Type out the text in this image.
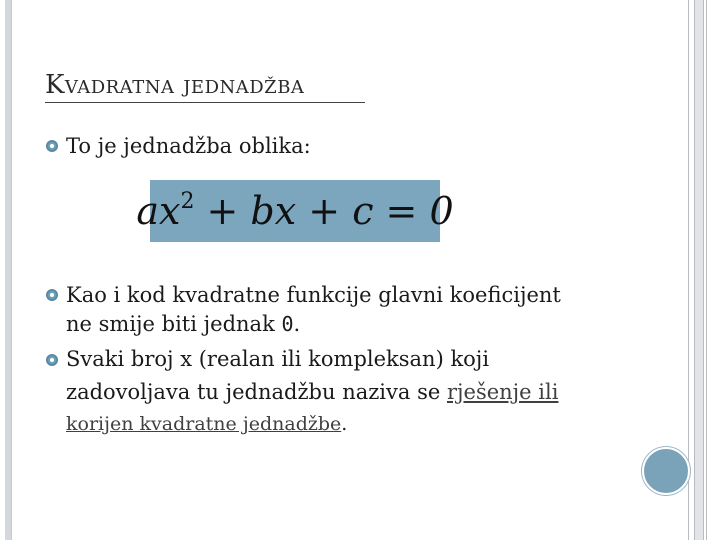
Kvadratna jednadžba
To je jednadžba oblika:
$ax^2$ + bx + c = 0
Kao i kod kvadratne funkcije glavni koeficijent
ne smije biti jednak 0.
Svaki broj x (realan ili kompleksan) koji
zadovoljava tu jednadžbu naziva se rješenje ili
korijen kvadratne jednadžbe.
